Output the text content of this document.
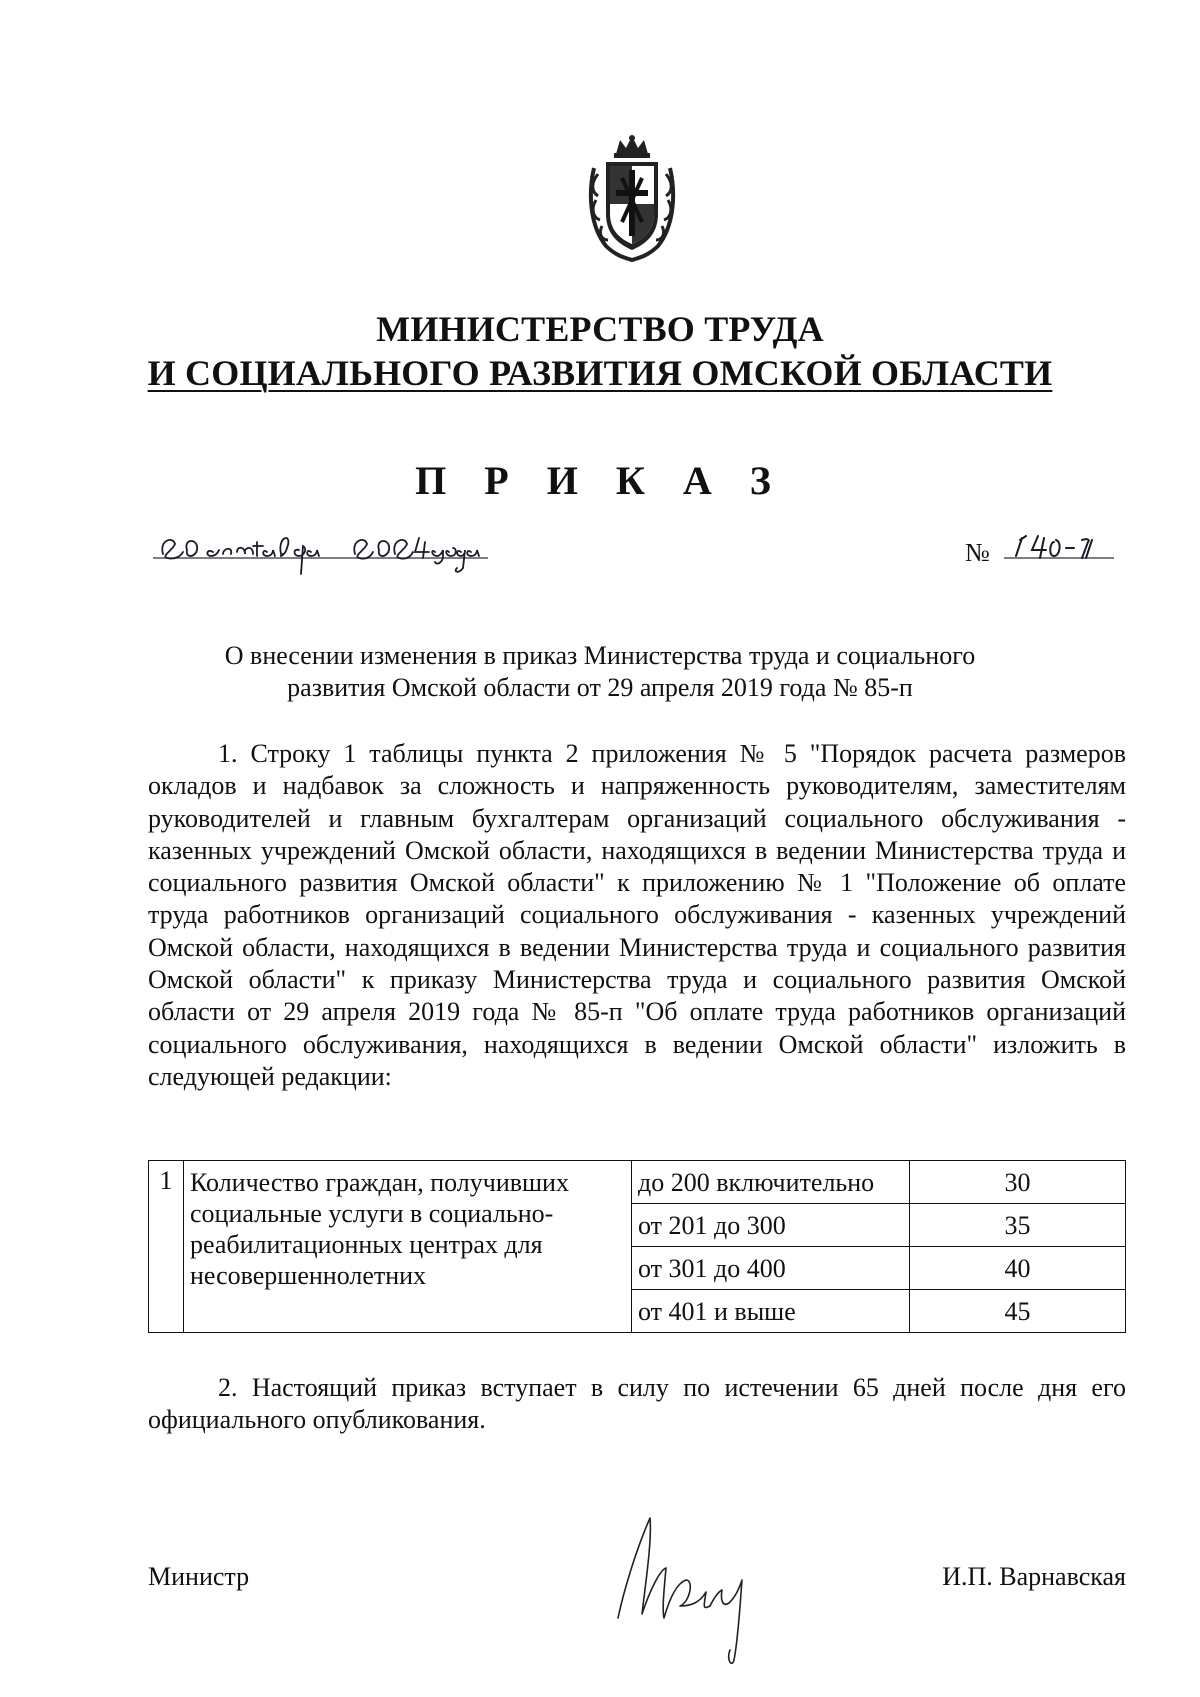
МИНИСТЕРСТВО ТРУДА
И СОЦИАЛЬНОГО РАЗВИТИЯ ОМСКОЙ ОБЛАСТИ
П Р И К А З
№
О внесении изменения в приказ Министерства труда и социального
развития Омской области от 29 апреля 2019 года № 85-п
1. Строку 1 таблицы пункта 2 приложения № 5 "Порядок расчета размеров окладов и надбавок за сложность и напряженность руководителям, заместителям руководителей и главным бухгалтерам организаций социального обслуживания - казенных учреждений Омской области, находящихся в ведении Министерства труда и социального развития Омской области" к приложению № 1 "Положение об оплате труда работников организаций социального обслуживания - казенных учреждений Омской области, находящихся в ведении Министерства труда и социального развития Омской области" к приказу Министерства труда и социального развития Омской области от 29 апреля 2019 года № 85-п "Об оплате труда работников организаций социального обслуживания, находящихся в ведении Омской области" изложить в следующей редакции:
1	Количество граждан, получивших социальные услуги в социально-реабилитационных центрах для несовершеннолетних	до 200 включительно	30
		от 201 до 300	35
		от 301 до 400	40
		от 401 и выше	45
2. Настоящий приказ вступает в силу по истечении 65 дней после дня его официального опубликования.
Министр	И.П. Варнавская
